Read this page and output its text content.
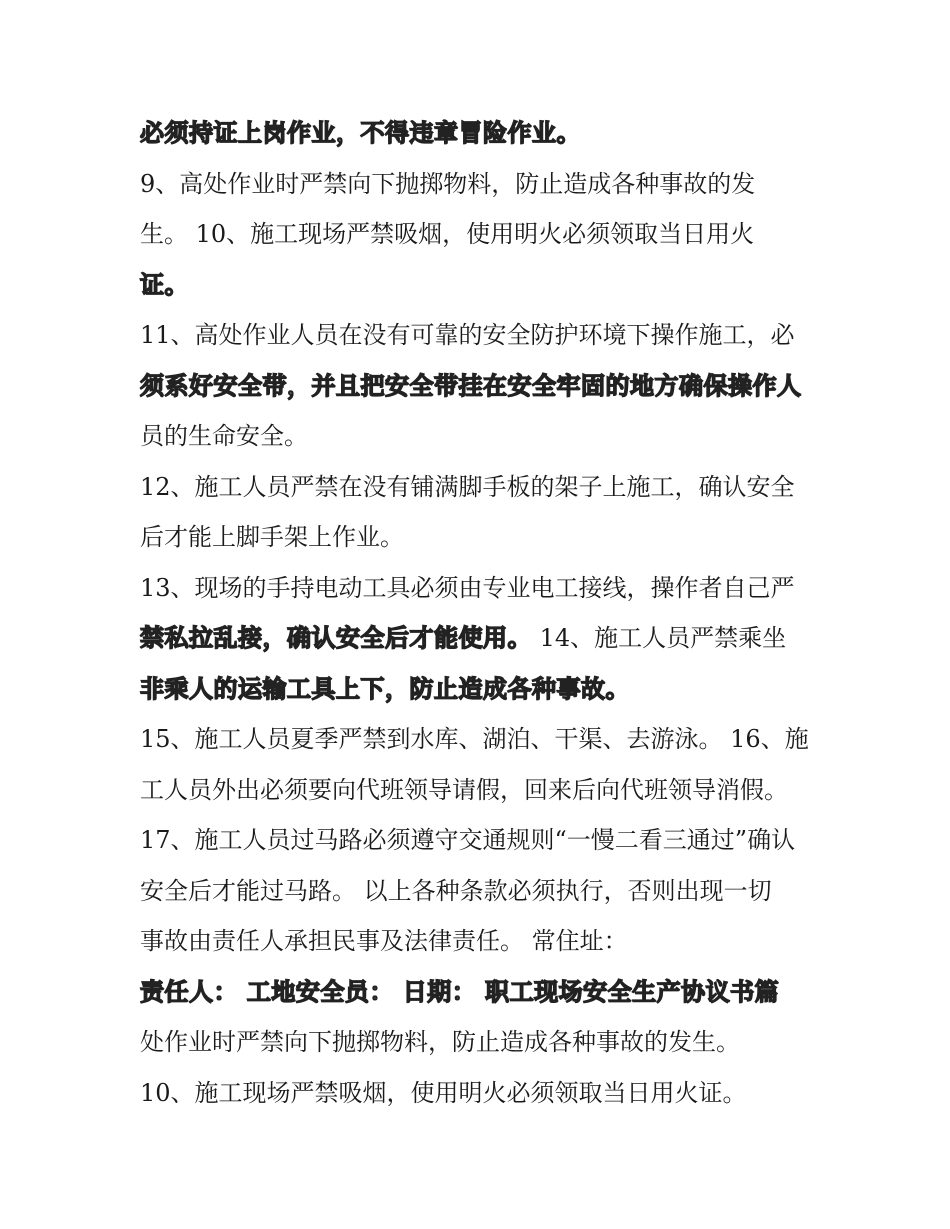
必须持证上岗作业，不得违章冒险作业。
9、高处作业时严禁向下抛掷物料，防止造成各种事故的发
生。 10、施工现场严禁吸烟，使用明火必须领取当日用火
证。
11、高处作业人员在没有可靠的安全防护环境下操作施工，必
须系好安全带，并且把安全带挂在安全牢固的地方确保操作人
员的生命安全。
12、施工人员严禁在没有铺满脚手板的架子上施工，确认安全
后才能上脚手架上作业。
13、现场的手持电动工具必须由专业电工接线，操作者自己严
禁私拉乱接，确认安全后才能使用。 14、施工人员严禁乘坐
非乘人的运输工具上下，防止造成各种事故。
15、施工人员夏季严禁到水库、湖泊、干渠、去游泳。 16、施
工人员外出必须要向代班领导请假，回来后向代班领导消假。
17、施工人员过马路必须遵守交通规则“一慢二看三通过”确认
安全后才能过马路。 以上各种条款必须执行，否则出现一切
事故由责任人承担民事及法律责任。 常住址：
责任人： 工地安全员： 日期： 职工现场安全生产协议书篇
处作业时严禁向下抛掷物料，防止造成各种事故的发生。
10、施工现场严禁吸烟，使用明火必须领取当日用火证。
